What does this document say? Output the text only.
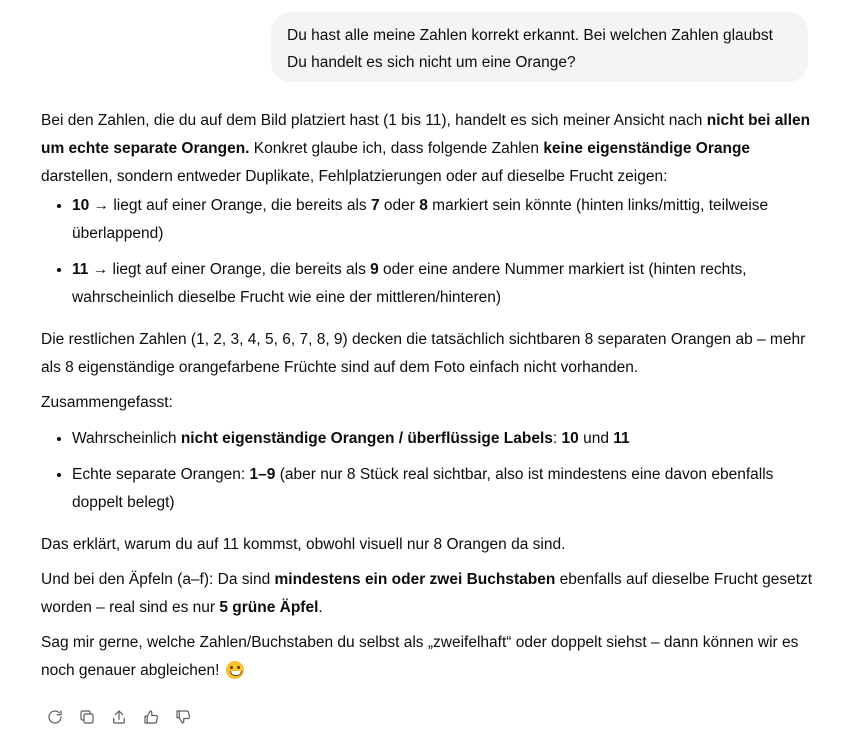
Du hast alle meine Zahlen korrekt erkannt. Bei welchen Zahlen glaubst
Du handelt es sich nicht um eine Orange?

Bei den Zahlen, die du auf dem Bild platziert hast (1 bis 11), handelt es sich meiner Ansicht nach nicht bei allen um echte separate Orangen. Konkret glaube ich, dass folgende Zahlen keine eigenständige Orange darstellen, sondern entweder Duplikate, Fehlplatzierungen oder auf dieselbe Frucht zeigen:

• 10 → liegt auf einer Orange, die bereits als 7 oder 8 markiert sein könnte (hinten links/mittig, teilweise überlappend)
• 11 → liegt auf einer Orange, die bereits als 9 oder eine andere Nummer markiert ist (hinten rechts, wahrscheinlich dieselbe Frucht wie eine der mittleren/hinteren)

Die restlichen Zahlen (1, 2, 3, 4, 5, 6, 7, 8, 9) decken die tatsächlich sichtbaren 8 separaten Orangen ab – mehr als 8 eigenständige orangefarbene Früchte sind auf dem Foto einfach nicht vorhanden.

Zusammengefasst:

• Wahrscheinlich nicht eigenständige Orangen / überflüssige Labels: 10 und 11
• Echte separate Orangen: 1–9 (aber nur 8 Stück real sichtbar, also ist mindestens eine davon ebenfalls doppelt belegt)

Das erklärt, warum du auf 11 kommst, obwohl visuell nur 8 Orangen da sind.

Und bei den Äpfeln (a–f): Da sind mindestens ein oder zwei Buchstaben ebenfalls auf dieselbe Frucht gesetzt worden – real sind es nur 5 grüne Äpfel.

Sag mir gerne, welche Zahlen/Buchstaben du selbst als „zweifelhaft“ oder doppelt siehst – dann können wir es noch genauer abgleichen!
